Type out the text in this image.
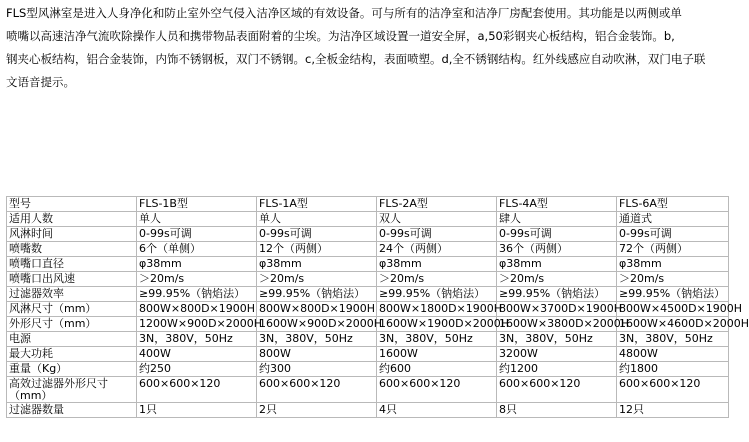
FLS型风淋室是进入人身净化和防止室外空气侵入洁净区域的有效设备。可与所有的洁净室和洁净厂房配套使用。其功能是以两侧或单
喷嘴以高速洁净气流吹除操作人员和携带物品表面附着的尘埃。为洁净区域设置一道安全屏，a,50彩钢夹心板结构，铝合金装饰。b,
钢夹心板结构，铝合金装饰，内饰不锈钢板，双门不锈钢。c,全板金结构，表面喷塑。d,全不锈钢结构。红外线感应自动吹淋，双门电子联
文语音提示。
型号	FLS-1B型	FLS-1A型	FLS-2A型	FLS-4A型	FLS-6A型
适用人数	单人	单人	双人	肆人	通道式
风淋时间	0-99s可调	0-99s可调	0-99s可调	0-99s可调	0-99s可调
喷嘴数	6个（单侧）	12个（两侧）	24个（两侧）	36个（两侧）	72个（两侧）
喷嘴口直径	φ38mm	φ38mm	φ38mm	φ38mm	φ38mm
喷嘴口出风速	＞20m/s	＞20m/s	＞20m/s	＞20m/s	＞20m/s
过滤器效率	≥99.95%（钠焰法）	≥99.95%（钠焰法）	≥99.95%（钠焰法）	≥99.95%（钠焰法）	≥99.95%（钠焰法）
风淋尺寸（mm）	800W×800D×1900H	800W×800D×1900H	800W×1800D×1900H	800W×3700D×1900H	800W×4500D×1900H
外形尺寸（mm）	1200W×900D×2000H	1600W×900D×2000H	1600W×1900D×2000H	1600W×3800D×2000H	1600W×4600D×2000H
电源	3N，380V，50Hz	3N，380V，50Hz	3N，380V，50Hz	3N，380V，50Hz	3N，380V，50Hz
最大功耗	400W	800W	1600W	3200W	4800W
重量（Kg）	约250	约300	约600	约1200	约1800
高效过滤器外形尺寸（mm）	600×600×120	600×600×120	600×600×120	600×600×120	600×600×120
过滤器数量	1只	2只	4只	8只	12只
